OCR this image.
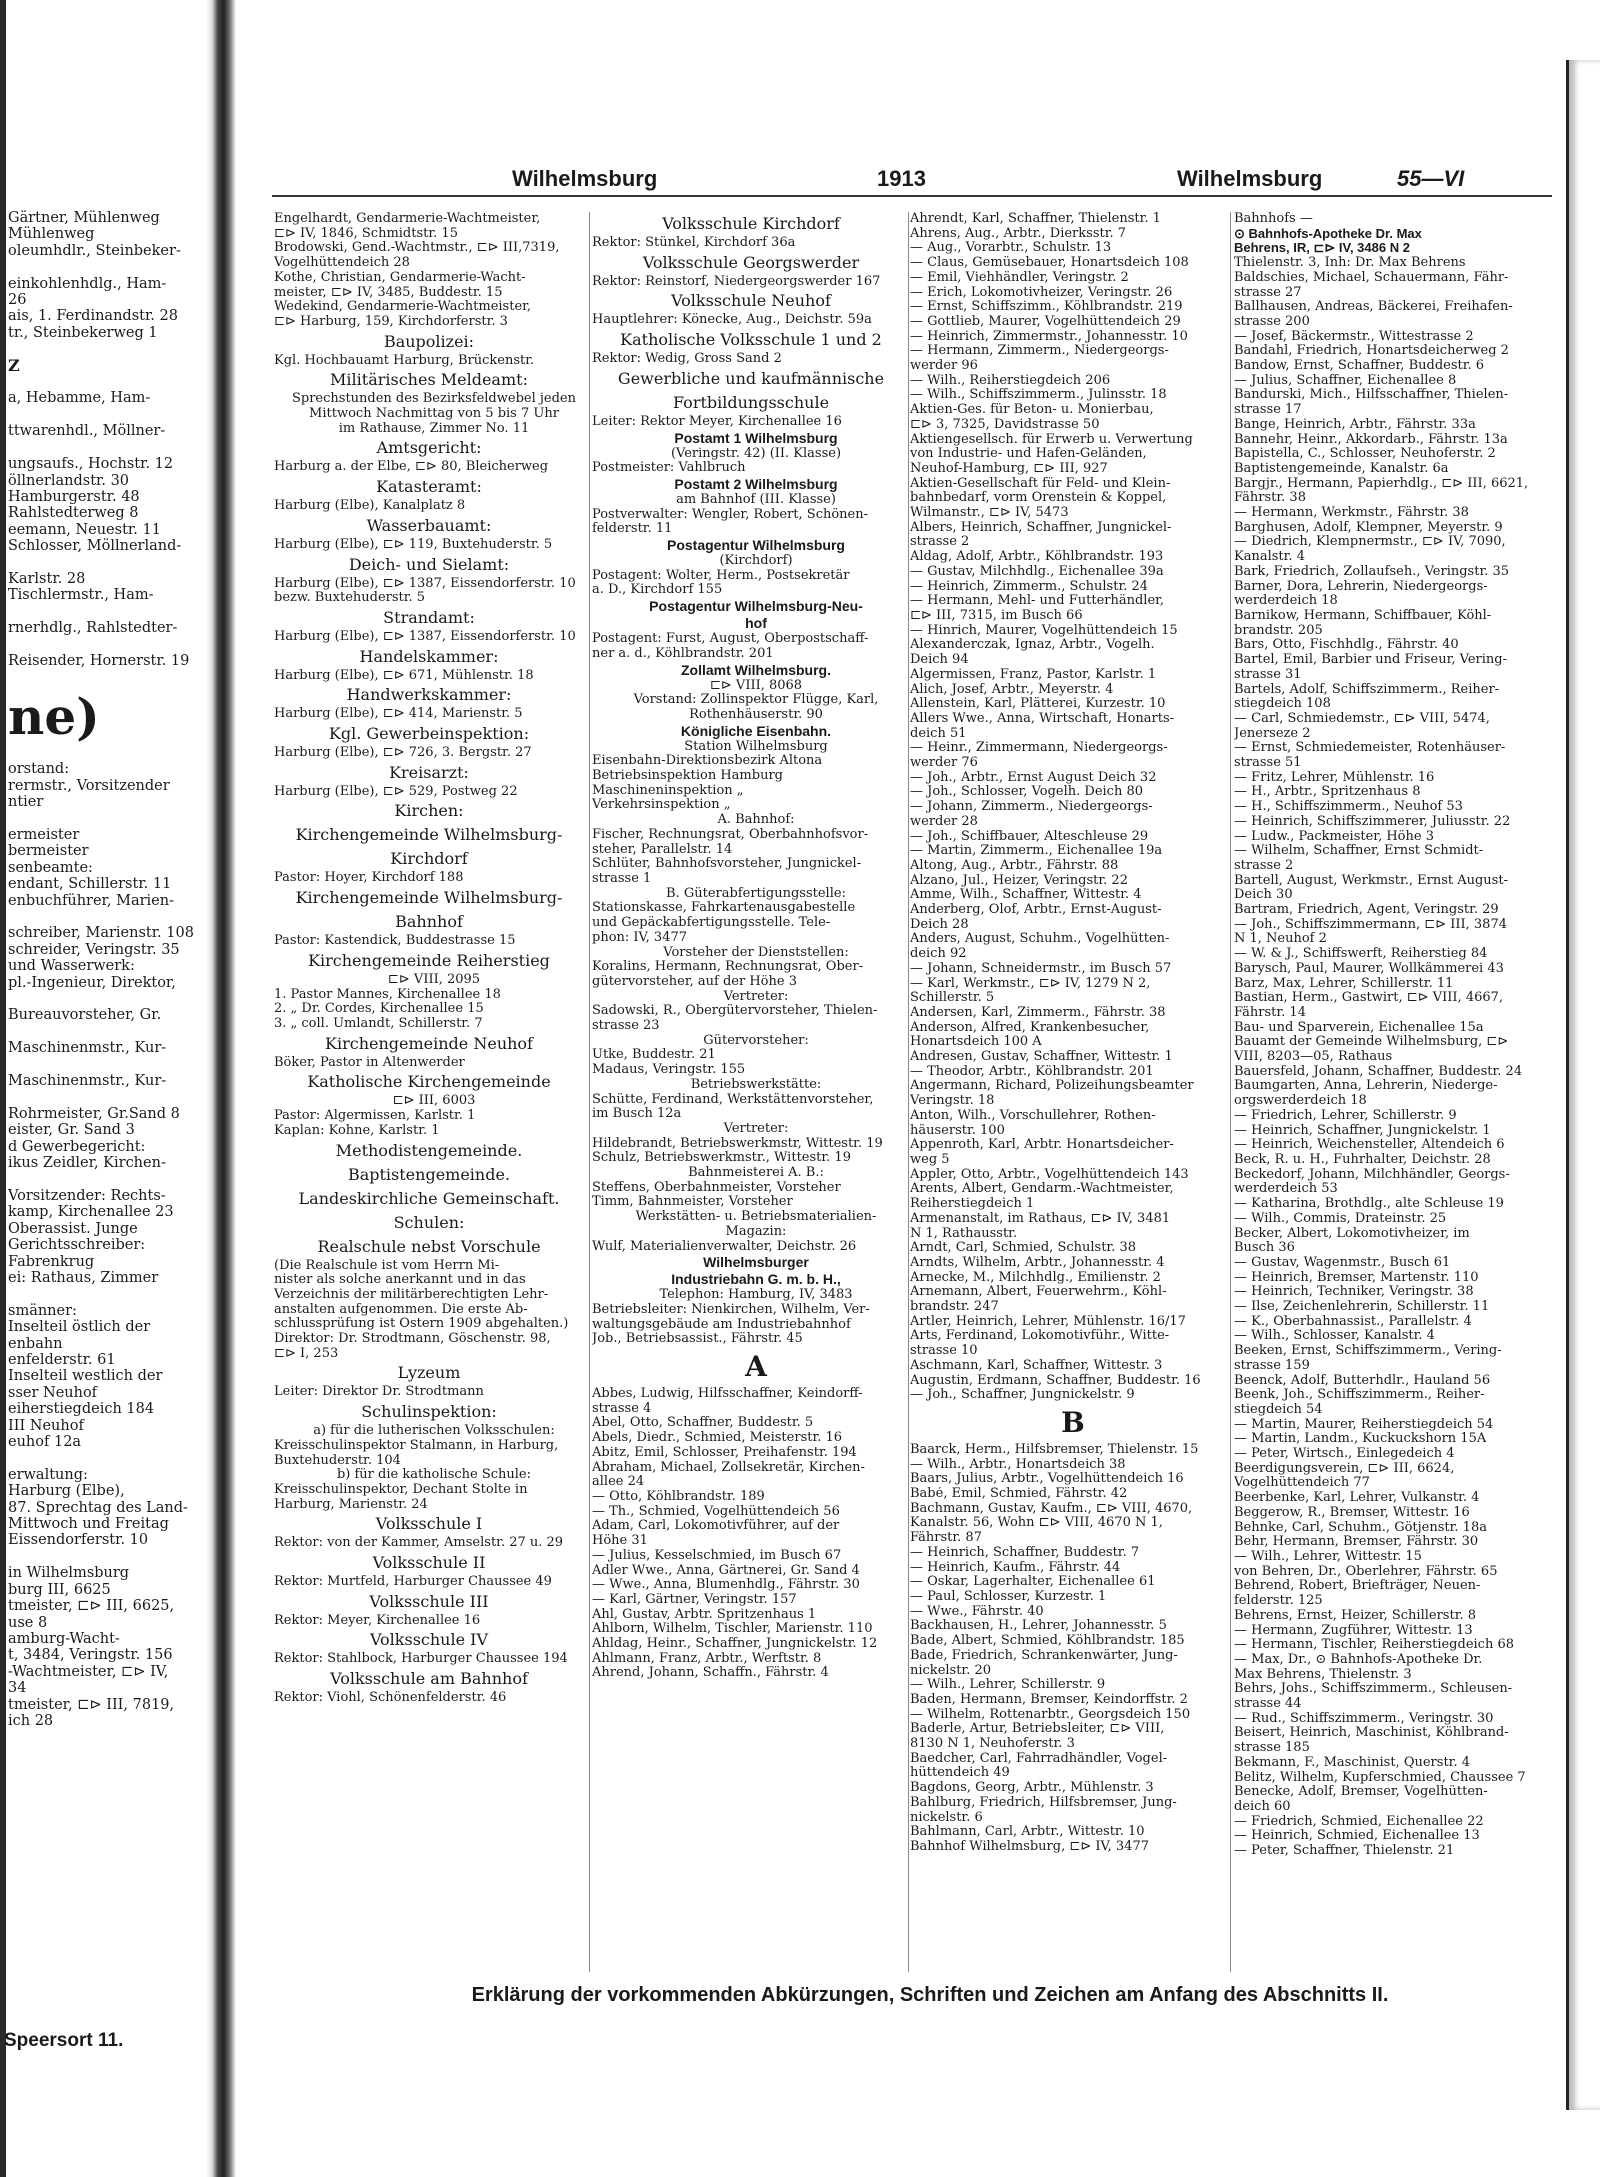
Gärtner, Mühlenweg
Mühlenweg
oleumhdlr., Steinbeker-

einkohlenhdlg., Ham-
26
ais, 1. Ferdinandstr. 28
tr., Steinbekerweg 1

Z

a, Hebamme, Ham-

ttwarenhdl., Möllner-

ungsaufs., Hochstr. 12
öllnerlandstr. 30
Hamburgerstr. 48
Rahlstedterweg 8
eemann, Neuestr. 11
Schlosser, Möllnerland-

Karlstr. 28
Tischlermstr., Ham-

rnerhdlg., Rahlstedter-

Reisender, Hornerstr. 19
ne)
orstand:
rermstr., Vorsitzender
ntier

ermeister
bermeister
senbeamte:
endant, Schillerstr. 11
enbuchführer, Marien-

schreiber, Marienstr. 108
schreider, Veringstr. 35
und Wasserwerk:
pl.-Ingenieur, Direktor,

Bureauvorsteher, Gr.

Maschinenmstr., Kur-

Maschinenmstr., Kur-

Rohrmeister, Gr.Sand 8
eister, Gr. Sand 3
d Gewerbegericht:
ikus Zeidler, Kirchen-

Vorsitzender: Rechts-
kamp, Kirchenallee 23
Oberassist. Junge
Gerichtsschreiber:
Fabrenkrug
ei: Rathaus, Zimmer

smänner:
Inselteil östlich der
enbahn
enfelderstr. 61
Inselteil westlich der
sser Neuhof
eiherstiegdeich 184
III Neuhof
euhof 12a

erwaltung:
Harburg (Elbe),
87. Sprechtag des Land-
Mittwoch und Freitag
Eissendorferstr. 10

in Wilhelmsburg
burg III, 6625
tmeister, ⊏⊳ III, 6625,
use 8
amburg-Wacht-
t, 3484, Veringstr. 156
-Wachtmeister, ⊏⊳ IV,
34
tmeister, ⊏⊳ III, 7819,
ich 28
Speersort 11.
Wilhelmsburg	1913	Wilhelmsburg	55—VI
Engelhardt, Gendarmerie-Wachtmeister,
⊏⊳ IV, 1846, Schmidtstr. 15
Brodowski, Gend.-Wachtmstr., ⊏⊳ III,7319,
Vogelhüttendeich 28
Kothe, Christian, Gendarmerie-Wacht-
meister, ⊏⊳ IV, 3485, Buddestr. 15
Wedekind, Gendarmerie-Wachtmeister,
⊏⊳ Harburg, 159, Kirchdorferstr. 3
Baupolizei:
Kgl. Hochbauamt Harburg, Brückenstr.
Militärisches Meldeamt:
Sprechstunden des Bezirksfeldwebel jeden
Mittwoch Nachmittag von 5 bis 7 Uhr
im Rathause, Zimmer No. 11
Amtsgericht:
Harburg a. der Elbe, ⊏⊳ 80, Bleicherweg
Katasteramt:
Harburg (Elbe), Kanalplatz 8
Wasserbauamt:
Harburg (Elbe), ⊏⊳ 119, Buxtehuderstr. 5
Deich- und Sielamt:
Harburg (Elbe), ⊏⊳ 1387, Eissendorferstr. 10
bezw. Buxtehuderstr. 5
Strandamt:
Harburg (Elbe), ⊏⊳ 1387, Eissendorferstr. 10
Handelskammer:
Harburg (Elbe), ⊏⊳ 671, Mühlenstr. 18
Handwerkskammer:
Harburg (Elbe), ⊏⊳ 414, Marienstr. 5
Kgl. Gewerbeinspektion:
Harburg (Elbe), ⊏⊳ 726, 3. Bergstr. 27
Kreisarzt:
Harburg (Elbe), ⊏⊳ 529, Postweg 22
Kirchen:
Kirchengemeinde Wilhelmsburg-
Kirchdorf
Pastor: Hoyer, Kirchdorf 188
Kirchengemeinde Wilhelmsburg-
Bahnhof
Pastor: Kastendick, Buddestrasse 15
Kirchengemeinde Reiherstieg
⊏⊳ VIII, 2095
1. Pastor Mannes, Kirchenallee 18
2. „ Dr. Cordes, Kirchenallee 15
3. „ coll. Umlandt, Schillerstr. 7
Kirchengemeinde Neuhof
Böker, Pastor in Altenwerder
Katholische Kirchengemeinde
⊏⊳ III, 6003
Pastor: Algermissen, Karlstr. 1
Kaplan: Kohne, Karlstr. 1
Methodistengemeinde.
Baptistengemeinde.
Landeskirchliche Gemeinschaft.
Schulen:
Realschule nebst Vorschule
(Die Realschule ist vom Herrn Mi-
nister als solche anerkannt und in das
Verzeichnis der militärberechtigten Lehr-
anstalten aufgenommen. Die erste Ab-
schlussprüfung ist Ostern 1909 abgehalten.)
Direktor: Dr. Strodtmann, Göschenstr. 98,
⊏⊳ I, 253
Lyzeum
Leiter: Direktor Dr. Strodtmann
Schulinspektion:
a) für die lutherischen Volksschulen:
Kreisschulinspektor Stalmann, in Harburg,
Buxtehuderstr. 104
b) für die katholische Schule:
Kreisschulinspektor, Dechant Stolte in
Harburg, Marienstr. 24
Volksschule I
Rektor: von der Kammer, Amselstr. 27 u. 29
Volksschule II
Rektor: Murtfeld, Harburger Chaussee 49
Volksschule III
Rektor: Meyer, Kirchenallee 16
Volksschule IV
Rektor: Stahlbock, Harburger Chaussee 194
Volksschule am Bahnhof
Rektor: Viohl, Schönenfelderstr. 46
Volksschule Kirchdorf
Rektor: Stünkel, Kirchdorf 36a
Volksschule Georgswerder
Rektor: Reinstorf, Niedergeorgswerder 167
Volksschule Neuhof
Hauptlehrer: Könecke, Aug., Deichstr. 59a
Katholische Volksschule 1 und 2
Rektor: Wedig, Gross Sand 2
Gewerbliche und kaufmännische
Fortbildungsschule
Leiter: Rektor Meyer, Kirchenallee 16
Postamt 1 Wilhelmsburg
(Veringstr. 42) (II. Klasse)
Postmeister: Vahlbruch
Postamt 2 Wilhelmsburg
am Bahnhof (III. Klasse)
Postverwalter: Wengler, Robert, Schönen-
felderstr. 11
Postagentur Wilhelmsburg
(Kirchdorf)
Postagent: Wolter, Herm., Postsekretär
a. D., Kirchdorf 155
Postagentur Wilhelmsburg-Neu-
hof
Postagent: Furst, August, Oberpostschaff-
ner a. d., Köhlbrandstr. 201
Zollamt Wilhelmsburg.
⊏⊳ VIII, 8068
Vorstand: Zollinspektor Flügge, Karl,
Rothenhäuserstr. 90
Königliche Eisenbahn.
Station Wilhelmsburg
Eisenbahn-Direktionsbezirk Altona
Betriebsinspektion Hamburg
Maschineninspektion „
Verkehrsinspektion „
A. Bahnhof:
Fischer, Rechnungsrat, Oberbahnhofsvor-
steher, Parallelstr. 14
Schlüter, Bahnhofsvorsteher, Jungnickel-
strasse 1
B. Güterabfertigungsstelle:
Stationskasse, Fahrkartenausgabestelle
und Gepäckabfertigungsstelle. Tele-
phon: IV, 3477
Vorsteher der Dienststellen:
Koralins, Hermann, Rechnungsrat, Ober-
gütervorsteher, auf der Höhe 3
Vertreter:
Sadowski, R., Obergütervorsteher, Thielen-
strasse 23
Gütervorsteher:
Utke, Buddestr. 21
Madaus, Veringstr. 155
Betriebswerkstätte:
Schütte, Ferdinand, Werkstättenvorsteher,
im Busch 12a
Vertreter:
Hildebrandt, Betriebswerkmstr, Wittestr. 19
Schulz, Betriebswerkmstr., Wittestr. 19
Bahnmeisterei A. B.:
Steffens, Oberbahnmeister, Vorsteher
Timm, Bahnmeister, Vorsteher
Werkstätten- u. Betriebsmaterialien-
Magazin:
Wulf, Materialienverwalter, Deichstr. 26
Wilhelmsburger
Industriebahn G. m. b. H.,
Telephon: Hamburg, IV, 3483
Betriebsleiter: Nienkirchen, Wilhelm, Ver-
waltungsgebäude am Industriebahnhof
Job., Betriebsassist., Fährstr. 45
A
Abbes, Ludwig, Hilfsschaffner, Keindorff-
strasse 4
Abel, Otto, Schaffner, Buddestr. 5
Abels, Diedr., Schmied, Meisterstr. 16
Abitz, Emil, Schlosser, Preihafenstr. 194
Abraham, Michael, Zollsekretär, Kirchen-
allee 24
— Otto, Köhlbrandstr. 189
— Th., Schmied, Vogelhüttendeich 56
Adam, Carl, Lokomotivführer, auf der
Höhe 31
— Julius, Kesselschmied, im Busch 67
Adler Wwe., Anna, Gärtnerei, Gr. Sand 4
— Wwe., Anna, Blumenhdlg., Fährstr. 30
— Karl, Gärtner, Veringstr. 157
Ahl, Gustav, Arbtr. Spritzenhaus 1
Ahlborn, Wilhelm, Tischler, Marienstr. 110
Ahldag, Heinr., Schaffner, Jungnickelstr. 12
Ahlmann, Franz, Arbtr., Werftstr. 8
Ahrend, Johann, Schaffn., Fährstr. 4
Ahrendt, Karl, Schaffner, Thielenstr. 1
Ahrens, Aug., Arbtr., Dierksstr. 7
— Aug., Vorarbtr., Schulstr. 13
— Claus, Gemüsebauer, Honartsdeich 108
— Emil, Viehhändler, Veringstr. 2
— Erich, Lokomotivheizer, Veringstr. 26
— Ernst, Schiffszimm., Köhlbrandstr. 219
— Gottlieb, Maurer, Vogelhüttendeich 29
— Heinrich, Zimmermstr., Johannesstr. 10
— Hermann, Zimmerm., Niedergeorgs-
werder 96
— Wilh., Reiherstiegdeich 206
— Wilh., Schiffszimmerm., Julinsstr. 18
Aktien-Ges. für Beton- u. Monierbau,
⊏⊳ 3, 7325, Davidstrasse 50
Aktiengesellsch. für Erwerb u. Verwertung
von Industrie- und Hafen-Geländen,
Neuhof-Hamburg, ⊏⊳ III, 927
Aktien-Gesellschaft für Feld- und Klein-
bahnbedarf, vorm Orenstein & Koppel,
Wilmanstr., ⊏⊳ IV, 5473
Albers, Heinrich, Schaffner, Jungnickel-
strasse 2
Aldag, Adolf, Arbtr., Köhlbrandstr. 193
— Gustav, Milchhdlg., Eichenallee 39a
— Heinrich, Zimmerm., Schulstr. 24
— Hermann, Mehl- und Futterhändler,
⊏⊳ III, 7315, im Busch 66
— Hinrich, Maurer, Vogelhüttendeich 15
Alexanderczak, Ignaz, Arbtr., Vogelh.
Deich 94
Algermissen, Franz, Pastor, Karlstr. 1
Alich, Josef, Arbtr., Meyerstr. 4
Allenstein, Karl, Plätterei, Kurzestr. 10
Allers Wwe., Anna, Wirtschaft, Honarts-
deich 51
— Heinr., Zimmermann, Niedergeorgs-
werder 76
— Joh., Arbtr., Ernst August Deich 32
— Joh., Schlosser, Vogelh. Deich 80
— Johann, Zimmerm., Niedergeorgs-
werder 28
— Joh., Schiffbauer, Alteschleuse 29
— Martin, Zimmerm., Eichenallee 19a
Altong, Aug., Arbtr., Fährstr. 88
Alzano, Jul., Heizer, Veringstr. 22
Amme, Wilh., Schaffner, Wittestr. 4
Anderberg, Olof, Arbtr., Ernst-August-
Deich 28
Anders, August, Schuhm., Vogelhütten-
deich 92
— Johann, Schneidermstr., im Busch 57
— Karl, Werkmstr., ⊏⊳ IV, 1279 N 2,
Schillerstr. 5
Andersen, Karl, Zimmerm., Fährstr. 38
Anderson, Alfred, Krankenbesucher,
Honartsdeich 100 A
Andresen, Gustav, Schaffner, Wittestr. 1
— Theodor, Arbtr., Köhlbrandstr. 201
Angermann, Richard, Polizeihungsbeamter
Veringstr. 18
Anton, Wilh., Vorschullehrer, Rothen-
häuserstr. 100
Appenroth, Karl, Arbtr. Honartsdeicher-
weg 5
Appler, Otto, Arbtr., Vogelhüttendeich 143
Arents, Albert, Gendarm.-Wachtmeister,
Reiherstiegdeich 1
Armenanstalt, im Rathaus, ⊏⊳ IV, 3481
N 1, Rathausstr.
Arndt, Carl, Schmied, Schulstr. 38
Arndts, Wilhelm, Arbtr., Johannesstr. 4
Arnecke, M., Milchhdlg., Emilienstr. 2
Arnemann, Albert, Feuerwehrm., Köhl-
brandstr. 247
Artler, Heinrich, Lehrer, Mühlenstr. 16/17
Arts, Ferdinand, Lokomotivführ., Witte-
strasse 10
Aschmann, Karl, Schaffner, Wittestr. 3
Augustin, Erdmann, Schaffner, Buddestr. 16
— Joh., Schaffner, Jungnickelstr. 9
B
Baarck, Herm., Hilfsbremser, Thielenstr. 15
— Wilh., Arbtr., Honartsdeich 38
Baars, Julius, Arbtr., Vogelhüttendeich 16
Babé, Emil, Schmied, Fährstr. 42
Bachmann, Gustav, Kaufm., ⊏⊳ VIII, 4670,
Kanalstr. 56, Wohn ⊏⊳ VIII, 4670 N 1,
Fährstr. 87
— Heinrich, Schaffner, Buddestr. 7
— Heinrich, Kaufm., Fährstr. 44
— Oskar, Lagerhalter, Eichenallee 61
— Paul, Schlosser, Kurzestr. 1
— Wwe., Fährstr. 40
Backhausen, H., Lehrer, Johannesstr. 5
Bade, Albert, Schmied, Köhlbrandstr. 185
Bade, Friedrich, Schrankenwärter, Jung-
nickelstr. 20
— Wilh., Lehrer, Schillerstr. 9
Baden, Hermann, Bremser, Keindorffstr. 2
— Wilhelm, Rottenarbtr., Georgsdeich 150
Baderle, Artur, Betriebsleiter, ⊏⊳ VIII,
8130 N 1, Neuhoferstr. 3
Baedcher, Carl, Fahrradhändler, Vogel-
hüttendeich 49
Bagdons, Georg, Arbtr., Mühlenstr. 3
Bahlburg, Friedrich, Hilfsbremser, Jung-
nickelstr. 6
Bahlmann, Carl, Arbtr., Wittestr. 10
Bahnhof Wilhelmsburg, ⊏⊳ IV, 3477
Bahnhofs —
⊙ Bahnhofs-Apotheke Dr. Max
Behrens, IR, ⊏⊳ IV, 3486 N 2
Thielenstr. 3, Inh: Dr. Max Behrens
Baldschies, Michael, Schauermann, Fähr-
strasse 27
Ballhausen, Andreas, Bäckerei, Freihafen-
strasse 200
— Josef, Bäckermstr., Wittestrasse 2
Bandahl, Friedrich, Honartsdeicherweg 2
Bandow, Ernst, Schaffner, Buddestr. 6
— Julius, Schaffner, Eichenallee 8
Bandurski, Mich., Hilfsschaffner, Thielen-
strasse 17
Bange, Heinrich, Arbtr., Fährstr. 33a
Bannehr, Heinr., Akkordarb., Fährstr. 13a
Bapistella, C., Schlosser, Neuhoferstr. 2
Baptistengemeinde, Kanalstr. 6a
Bargjr., Hermann, Papierhdlg., ⊏⊳ III, 6621,
Fährstr. 38
— Hermann, Werkmstr., Fährstr. 38
Barghusen, Adolf, Klempner, Meyerstr. 9
— Diedrich, Klempnermstr., ⊏⊳ IV, 7090,
Kanalstr. 4
Bark, Friedrich, Zollaufseh., Veringstr. 35
Barner, Dora, Lehrerin, Niedergeorgs-
werderdeich 18
Barnikow, Hermann, Schiffbauer, Köhl-
brandstr. 205
Bars, Otto, Fischhdlg., Fährstr. 40
Bartel, Emil, Barbier und Friseur, Vering-
strasse 31
Bartels, Adolf, Schiffszimmerm., Reiher-
stiegdeich 108
— Carl, Schmiedemstr., ⊏⊳ VIII, 5474,
Jenerseze 2
— Ernst, Schmiedemeister, Rotenhäuser-
strasse 51
— Fritz, Lehrer, Mühlenstr. 16
— H., Arbtr., Spritzenhaus 8
— H., Schiffszimmerm., Neuhof 53
— Heinrich, Schiffszimmerer, Juliusstr. 22
— Ludw., Packmeister, Höhe 3
— Wilhelm, Schaffner, Ernst Schmidt-
strasse 2
Bartell, August, Werkmstr., Ernst August-
Deich 30
Bartram, Friedrich, Agent, Veringstr. 29
— Joh., Schiffszimmermann, ⊏⊳ III, 3874
N 1, Neuhof 2
— W. & J., Schiffswerft, Reiherstieg 84
Barysch, Paul, Maurer, Wollkämmerei 43
Barz, Max, Lehrer, Schillerstr. 11
Bastian, Herm., Gastwirt, ⊏⊳ VIII, 4667,
Fährstr. 14
Bau- und Sparverein, Eichenallee 15a
Bauamt der Gemeinde Wilhelmsburg, ⊏⊳
VIII, 8203—05, Rathaus
Bauersfeld, Johann, Schaffner, Buddestr. 24
Baumgarten, Anna, Lehrerin, Niederge-
orgswerderdeich 18
— Friedrich, Lehrer, Schillerstr. 9
— Heinrich, Schaffner, Jungnickelstr. 1
— Heinrich, Weichensteller, Altendeich 6
Beck, R. u. H., Fuhrhalter, Deichstr. 28
Beckedorf, Johann, Milchhändler, Georgs-
werderdeich 53
— Katharina, Brothdlg., alte Schleuse 19
— Wilh., Commis, Drateinstr. 25
Becker, Albert, Lokomotivheizer, im
Busch 36
— Gustav, Wagenmstr., Busch 61
— Heinrich, Bremser, Martenstr. 110
— Heinrich, Techniker, Veringstr. 38
— Ilse, Zeichenlehrerin, Schillerstr. 11
— K., Oberbahnassist., Parallelstr. 4
— Wilh., Schlosser, Kanalstr. 4
Beeken, Ernst, Schiffszimmerm., Vering-
strasse 159
Beenck, Adolf, Butterhdlr., Hauland 56
Beenk, Joh., Schiffszimmerm., Reiher-
stiegdeich 54
— Martin, Maurer, Reiherstiegdeich 54
— Martin, Landm., Kuckuckshorn 15A
— Peter, Wirtsch., Einlegedeich 4
Beerdigungsverein, ⊏⊳ III, 6624,
Vogelhüttendeich 77
Beerbenke, Karl, Lehrer, Vulkanstr. 4
Beggerow, R., Bremser, Wittestr. 16
Behnke, Carl, Schuhm., Götjenstr. 18a
Behr, Hermann, Bremser, Fährstr. 30
— Wilh., Lehrer, Wittestr. 15
von Behren, Dr., Oberlehrer, Fährstr. 65
Behrend, Robert, Briefträger, Neuen-
felderstr. 125
Behrens, Ernst, Heizer, Schillerstr. 8
— Hermann, Zugführer, Wittestr. 13
— Hermann, Tischler, Reiherstiegdeich 68
— Max, Dr., ⊙ Bahnhofs-Apotheke Dr.
Max Behrens, Thielenstr. 3
Behrs, Johs., Schiffszimmerm., Schleusen-
strasse 44
— Rud., Schiffszimmerm., Veringstr. 30
Beisert, Heinrich, Maschinist, Köhlbrand-
strasse 185
Bekmann, F., Maschinist, Querstr. 4
Belitz, Wilhelm, Kupferschmied, Chaussee 7
Benecke, Adolf, Bremser, Vogelhütten-
deich 60
— Friedrich, Schmied, Eichenallee 22
— Heinrich, Schmied, Eichenallee 13
— Peter, Schaffner, Thielenstr. 21
Erklärung der vorkommenden Abkürzungen, Schriften und Zeichen am Anfang des Abschnitts II.
